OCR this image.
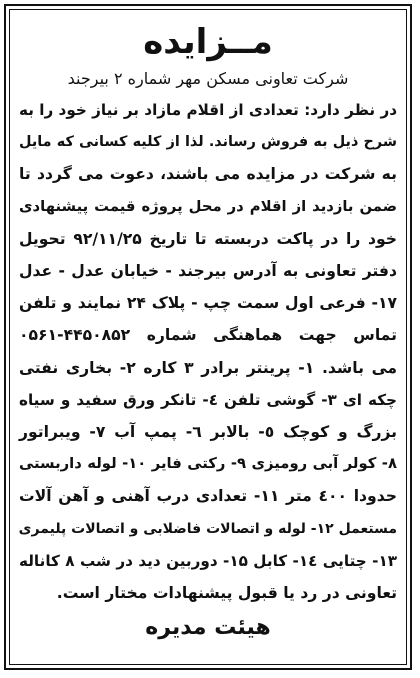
مــزایده
شرکت تعاونی مسکن مهر شماره ۲ بیرجند
در نظر دارد: تعدادی از اقلام مازاد بر نیاز خود را به
شرح ذیل به فروش رساند. لذا از کلیه کسانی که مایل
به شرکت در مزایده می باشند، دعوت می گردد تا
ضمن بازدید از اقلام در محل پروژه قیمت پیشنهادی
خود را در پاکت دربسته تا تاریخ ۹۲/۱۱/۲۵ تحویل
دفتر تعاونی به آدرس بیرجند - خیابان عدل - عدل
۱۷- فرعی اول سمت چپ - پلاک ۲۴ نمایند و تلفن
تماس جهت هماهنگی شماره ۴۴۵۰۸۵۲-۰۵۶۱
می باشد. ۱- پرینتر برادر ۳ کاره ۲- بخاری نفتی
چکه ای ۳- گوشی تلفن ٤- تانکر ورق سفید و سیاه
بزرگ و کوچک ٥- بالابر ٦- پمپ آب ۷- ویبراتور
۸- کولر آبی رومیزی ۹- رکتی فایر ۱۰- لوله داربستی
حدودا ٤٠٠ متر ۱۱- تعدادی درب آهنی و آهن آلات
مستعمل ۱۲- لوله و اتصالات فاضلابی و اتصالات پلیمری
۱۳- چتایی ۱٤- کابل ۱۵- دوربین دید در شب ۸ کاناله
تعاونی در رد یا قبول پیشنهادات مختار است.
هیئت مدیره
